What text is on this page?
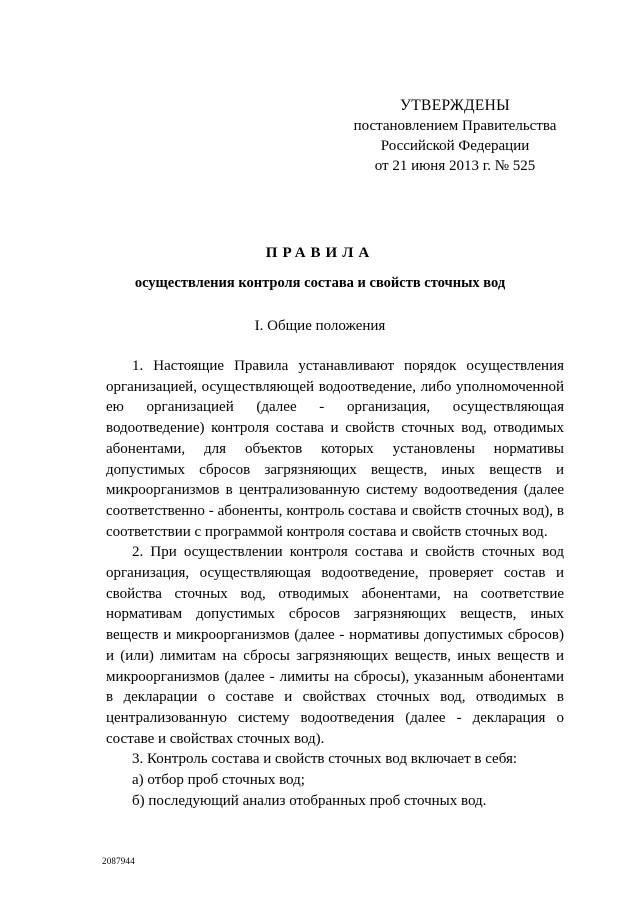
УТВЕРЖДЕНЫ
постановлением Правительства
Российской Федерации
от 21 июня 2013 г. № 525
ПРАВИЛА
осуществления контроля состава и свойств сточных вод
I. Общие положения

1. Настоящие Правила устанавливают порядок осуществления организацией, осуществляющей водоотведение, либо уполномоченной ею организацией (далее - организация, осуществляющая водоотведение) контроля состава и свойств сточных вод, отводимых абонентами, для объектов которых установлены нормативы допустимых сбросов загрязняющих веществ, иных веществ и микроорганизмов в централизованную систему водоотведения (далее соответственно - абоненты, контроль состава и свойств сточных вод), в соответствии с программой контроля состава и свойств сточных вод.

2. При осуществлении контроля состава и свойств сточных вод организация, осуществляющая водоотведение, проверяет состав и свойства сточных вод, отводимых абонентами, на соответствие нормативам допустимых сбросов загрязняющих веществ, иных веществ и микроорганизмов (далее - нормативы допустимых сбросов) и (или) лимитам на сбросы загрязняющих веществ, иных веществ и микроорганизмов (далее - лимиты на сбросы), указанным абонентами в декларации о составе и свойствах сточных вод, отводимых в централизованную систему водоотведения (далее - декларация о составе и свойствах сточных вод).

3. Контроль состава и свойств сточных вод включает в себя:

а) отбор проб сточных вод;

б) последующий анализ отобранных проб сточных вод.

2087944
